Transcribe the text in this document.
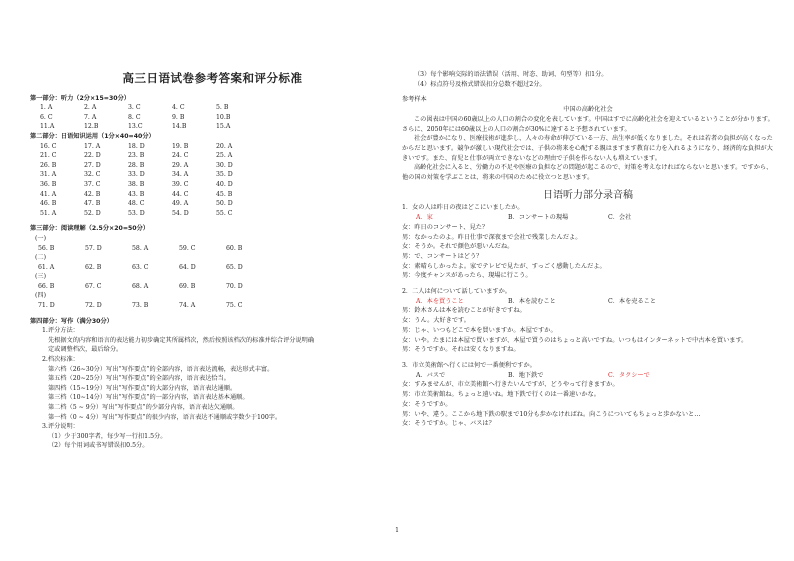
高三日语试卷参考答案和评分标准
第一部分：听力（2分×15=30分）
1. A	2. A	3. C	4. C	5. B
6. C	7. A	8. C	9. B	10.B
11.A	12.B	13.C	14.B	15.A
第二部分：日语知识运用（1分×40=40分）
16. C	17. A	18. D	19. B	20. A
21. C	22. D	23. B	24. C	25. A
26. B	27. D	28. B	29. A	30. D
31. A	32. C	33. D	34. A	35. D
36. B	37. C	38. B	39. C	40. D
41. A	42. B	43. B	44. C	45. B
46. B	47. B	48. C	49. A	50. D
51. A	52. D	53. D	54. D	55. C
第三部分：阅读理解（2.5分×20=50分）
(一)
56. B	57. D	58. A	59. C	60. B
(二)
61. A	62. B	63. C	64. D	65. D
(三)
66. B	67. C	68. A	69. B	70. D
(四)
71. D	72. D	73. B	74. A	75. C
第四部分：写作（满分30分）
1.评分方法：
先根据文的内容和语言的表达能力初步确定其所属档次，然后按照该档次的标准并综合评分说明确
定或调整档次，最后给分。
2.档次标准：
第六档（26~30分）写出“写作要点”的全部内容，语言表达流畅，表达形式丰富。
第五档（20~25分）写出“写作要点”的全部内容，语言表达恰当。
第四档（15~19分）写出“写作要点”的大部分内容，语言表达通顺。
第三档（10~14分）写出“写作要点”的一部分内容，语言表达基本通顺。
第二档（5 ~ 9分）写出“写作要点”的少部分内容，语言表达欠通顺。
第一档（0 ~ 4分）写出“写作要点”的很少内容，语言表达不通顺或字数少于100字。
3.评分说明：
（1）少于300字者，每少写一行扣1.5分。
（2）每个用词或书写错误扣0.5分。
（3）每个影响交际的语法错误（活用、时态、助词、句型等）扣1分。
（4）标点符号及格式错误扣分总数不超过2分。
参考样本
中国の高齢化社会

この図表は中国の60歳以上の人口の割合の変化を表しています。中国はすでに高齢化社会を迎えているということが分かります。さらに、2050年には60歳以上の人口の割合が30%に達すると予想されています。

社会が豊かになり、医療技術が進歩し、人々の寿命が伸びている一方、出生率が低くなりました。それは若者の負担が高くなったからだと思います。競争が激しい現代社会では、子供の将来を心配する親はますます教育に力を入れるようになり、経済的な負担が大きいです。また、育児と仕事が両立できないなどの理由で子供を作らない人も増えています。

高齢化社会に入ると、労働力の不足や医療の負担などの問題が起こるので、対策を考えなければならないと思います。ですから、他の国の対策を学ぶことは、将来の中国のために役立つと思います。

日语听力部分录音稿
1．女の人は昨日の夜はどこにいましたか。
A．家	B．コンサートの現場	C．会社
女：昨日のコンサート、見た？
男：なかったのよ。昨日仕事で深夜まで会社で残業したんだよ。
女：そうか。それで顔色が悪いんだね。
男：で、コンサートはどう？
女：素晴らしかったよ。家でテレビで見たが、すっごく感動したんだよ。
男：今度チャンスがあったら、現場に行こう。
2．二人は何について話していますか。
A．本を買うこと	B．本を読むこと	C．本を売ること
男：鈴木さんは本を読むことが好きですね。
女：うん。大好きです。
男：じゃ、いつもどこで本を買いますか。本屋ですか。
女：いや。たまには本屋で買いますが、本屋で買うのはちょっと高いですね。いつもはインターネットで中古本を買います。
男：そうですか。それは安くなりますね。
3．市立美術館へ行くには何で一番便利ですか。
A．バスで	B．地下鉄で	C．タクシーで
女：すみませんが、市立美術館へ行きたいんですが、どうやって行きますか。
男：市立美術館ね。ちょっと遠いね。地下鉄で行くのは一番速いかな。
女：そうですか。
男：いや、違う。ここから地下鉄の駅まで10分も歩かなければね。向こうについてもちょっと歩かないと…
女：そうですか。じゃ、バスは？
1
